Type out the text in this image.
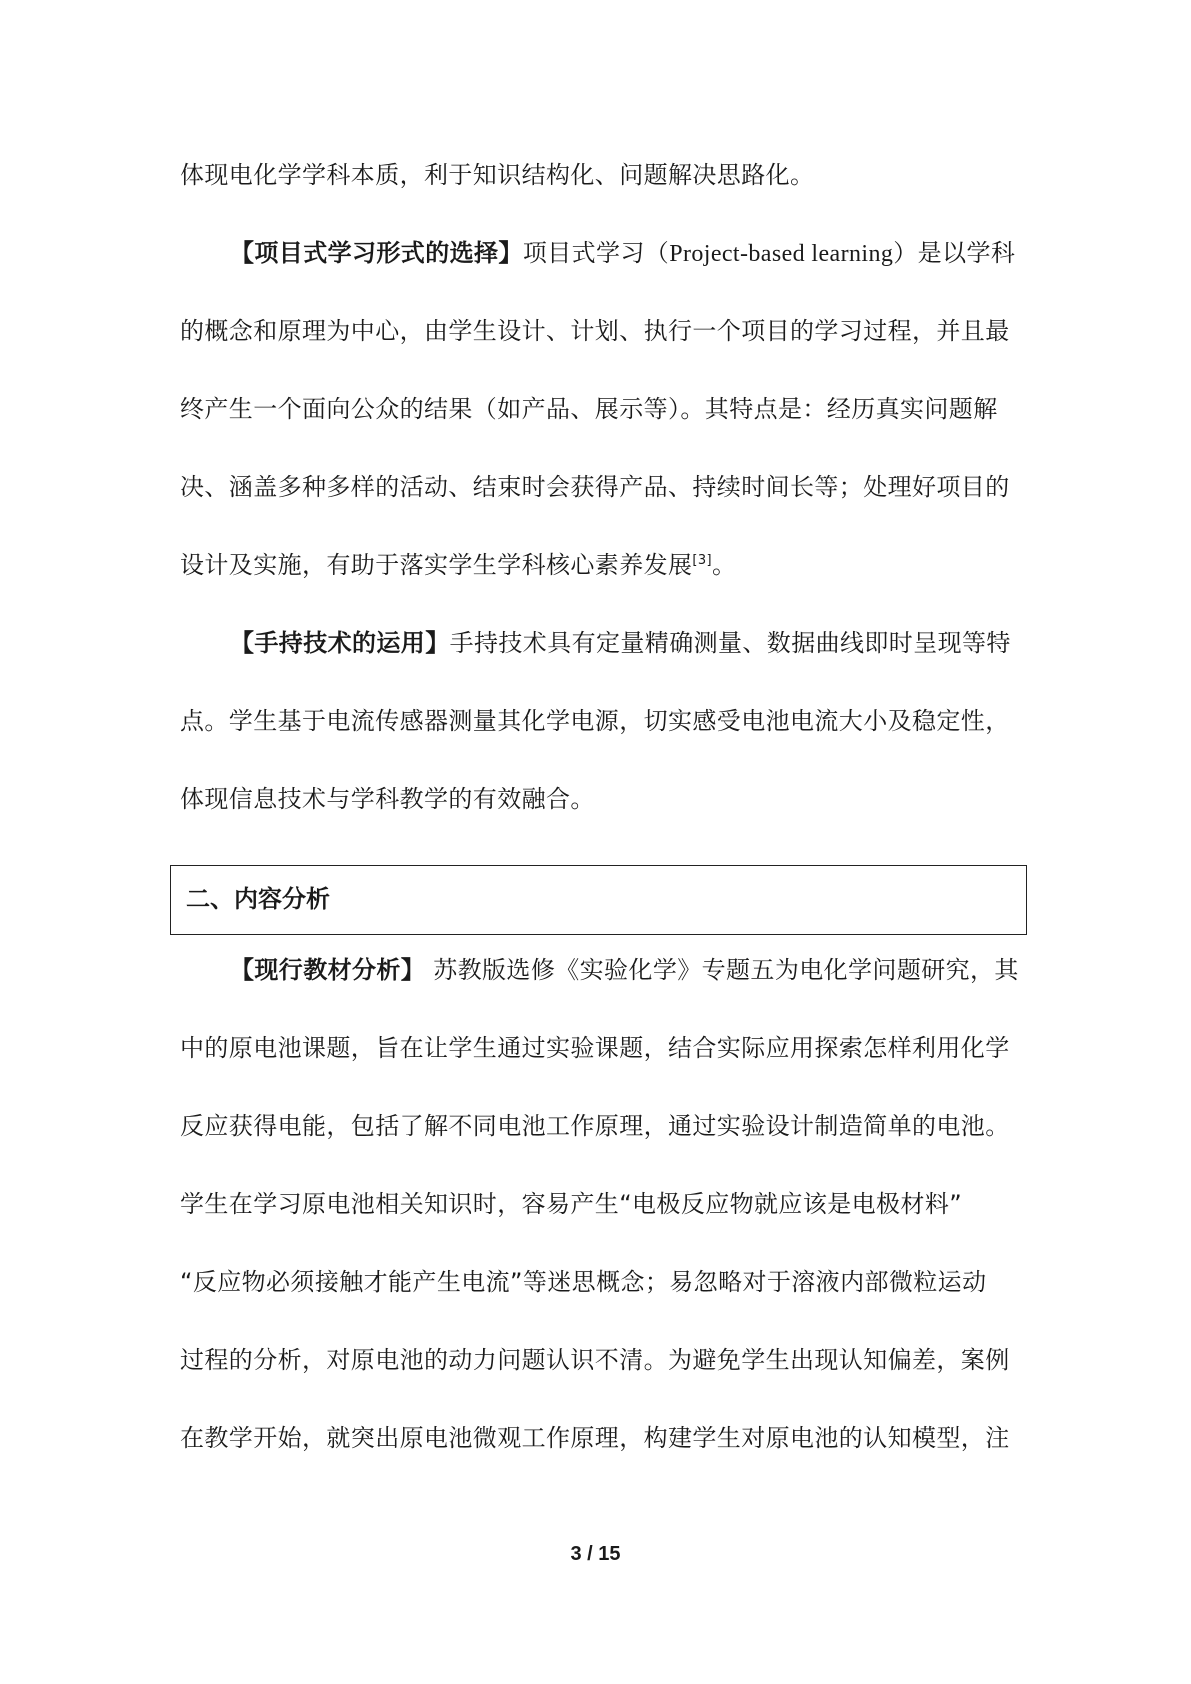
体现电化学学科本质，利于知识结构化、问题解决思路化。
【项目式学习形式的选择】项目式学习（Project-based learning）是以学科
的概念和原理为中心，由学生设计、计划、执行一个项目的学习过程，并且最
终产生一个面向公众的结果（如产品、展示等）。其特点是：经历真实问题解
决、涵盖多种多样的活动、结束时会获得产品、持续时间长等；处理好项目的
设计及实施，有助于落实学生学科核心素养发展[3]。
【手持技术的运用】手持技术具有定量精确测量、数据曲线即时呈现等特
点。学生基于电流传感器测量其化学电源，切实感受电池电流大小及稳定性，
体现信息技术与学科教学的有效融合。
二、内容分析
【现行教材分析】 苏教版选修《实验化学》专题五为电化学问题研究，其
中的原电池课题，旨在让学生通过实验课题，结合实际应用探索怎样利用化学
反应获得电能，包括了解不同电池工作原理，通过实验设计制造简单的电池。
学生在学习原电池相关知识时，容易产生“电极反应物就应该是电极材料”
“反应物必须接触才能产生电流”等迷思概念；易忽略对于溶液内部微粒运动
过程的分析，对原电池的动力问题认识不清。为避免学生出现认知偏差，案例
在教学开始，就突出原电池微观工作原理，构建学生对原电池的认知模型，注
3 / 15
